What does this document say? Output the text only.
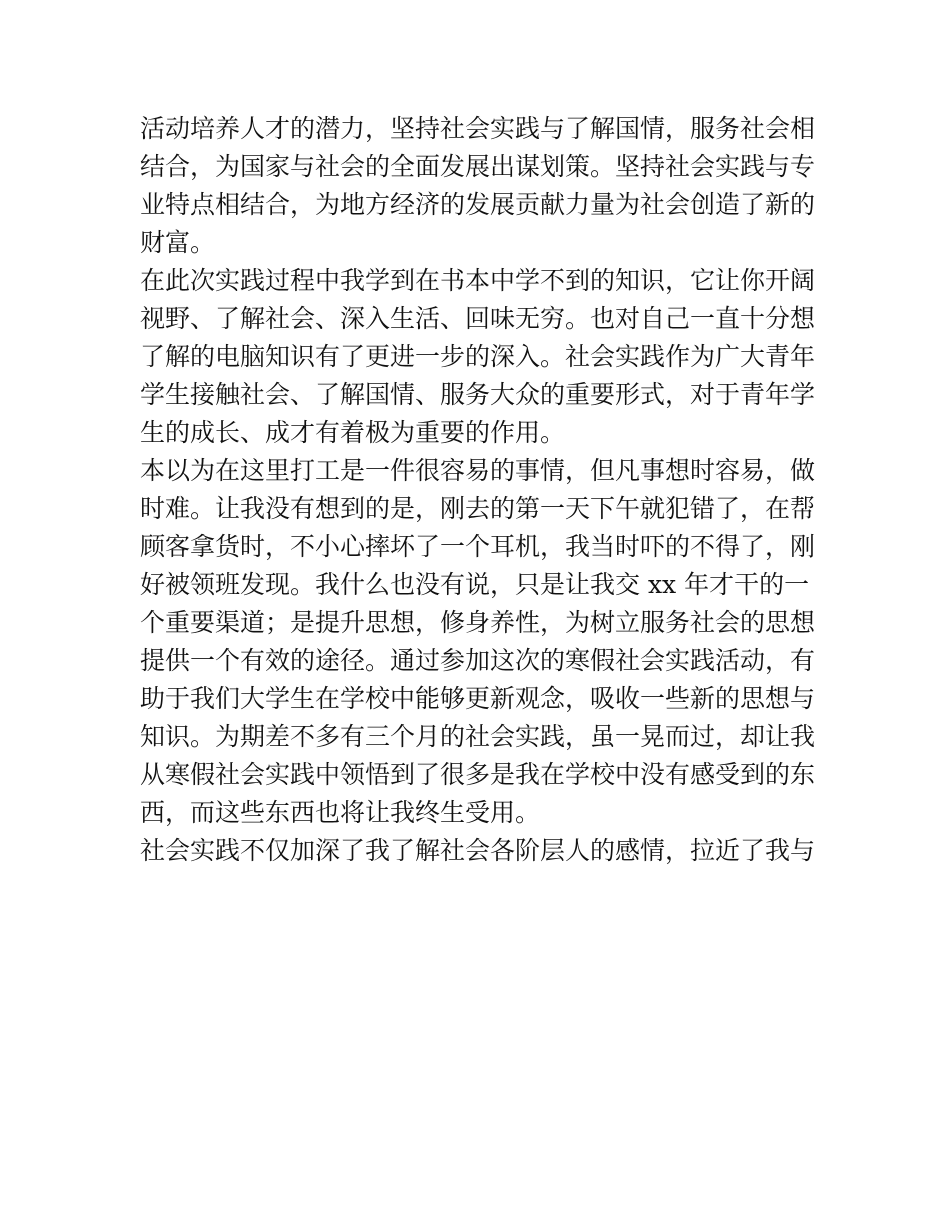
活动培养人才的潜力，坚持社会实践与了解国情，服务社会相

结合，为国家与社会的全面发展出谋划策。坚持社会实践与专

业特点相结合，为地方经济的发展贡献力量为社会创造了新的

财富。

在此次实践过程中我学到在书本中学不到的知识，它让你开阔

视野、了解社会、深入生活、回味无穷。也对自己一直十分想

了解的电脑知识有了更进一步的深入。社会实践作为广大青年

学生接触社会、了解国情、服务大众的重要形式，对于青年学

生的成长、成才有着极为重要的作用。

本以为在这里打工是一件很容易的事情，但凡事想时容易，做

时难。让我没有想到的是，刚去的第一天下午就犯错了，在帮

顾客拿货时，不小心摔坏了一个耳机，我当时吓的不得了，刚

好被领班发现。我什么也没有说，只是让我交 xx 年才干的一

个重要渠道；是提升思想，修身养性，为树立服务社会的思想

提供一个有效的途径。通过参加这次的寒假社会实践活动，有

助于我们大学生在学校中能够更新观念，吸收一些新的思想与

知识。为期差不多有三个月的社会实践，虽一晃而过，却让我

从寒假社会实践中领悟到了很多是我在学校中没有感受到的东

西，而这些东西也将让我终生受用。

社会实践不仅加深了我了解社会各阶层人的感情，拉近了我与
